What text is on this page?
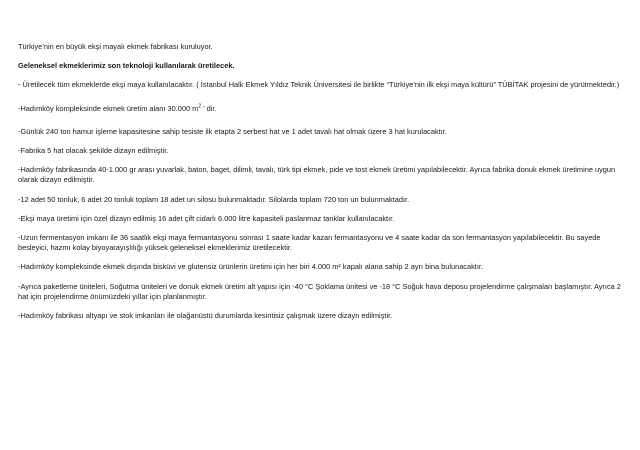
Türkiye’nin en büyük ekşi mayalı ekmek fabrikası kuruluyor.

Geleneksel ekmeklerimiz son teknoloji kullanılarak üretilecek.

- Üretilecek tüm ekmeklerde ekşi maya kullanılacaktır. ( İstanbul Halk Ekmek Yıldız Teknik Üniversitesi ile birlikte “Türkiye’nin ilk ekşi maya kültürü” TÜBİTAK projesini de yürütmektedir.)

-Hadımköy kompleksinde ekmek üretim alanı 30.000 $m^2$ ’ dir.

-Günlük 240 ton hamur işleme kapasitesine sahip tesiste ilk etapta 2 serbest hat ve 1 adet tavalı hat olmak üzere 3 hat kurulacaktır.

-Fabrika 5 hat olacak şekilde dizayn edilmiştir.

-Hadımköy fabrikasında 40-1.000 gr arası yuvarlak, baton, baget, dilimli, tavalı, türk tipi ekmek, pide ve tost ekmek üretimi yapılabilecektir. Ayrıca fabrika donuk ekmek üretimine uygun olarak dizayn edilmiştir.

-12 adet 50 tonluk, 6 adet 20 tonluk toplam 18 adet un silosu bulunmaktadır. Silolarda toplam 720 ton un bulunmaktadır.

-Ekşi maya üretimi için özel dizayn edilmiş 16 adet çift cidarlı 6.000 litre kapasiteli paslanmaz tanklar kullanılacaktır.

-Uzun fermentasyon imkanı ile 36 saatlik ekşi maya fermantasyonu sonrası 1 saate kadar kazan fermantasyonu ve 4 saate kadar da son fermantasyon yapılabilecektir. Bu sayede besleyici, hazmı kolay biyoyarayışlılığı yüksek geleneksel ekmeklerimiz üretilecektir.

-Hadımköy kompleksinde ekmek dışında bisküvi ve glutensiz ürünlerin üretimi için her biri 4.000 m² kapalı alana sahip 2 ayrı bina bulunacaktır.

-Ayrıca paketleme üniteleri, Soğutma üniteleri ve donuk ekmek üretim alt yapısı için -40 °C Şoklama ünitesi ve -18 °C Soğuk hava deposu projelendirme çalışmaları başlamıştır. Ayrıca 2 hat için projelendirme önümüzdeki yıllar için planlanmıştır.

-Hadımköy fabrikası altyapı ve stok imkanları ile olağanüstü durumlarda kesintisiz çalışmak üzere dizayn edilmiştir.
